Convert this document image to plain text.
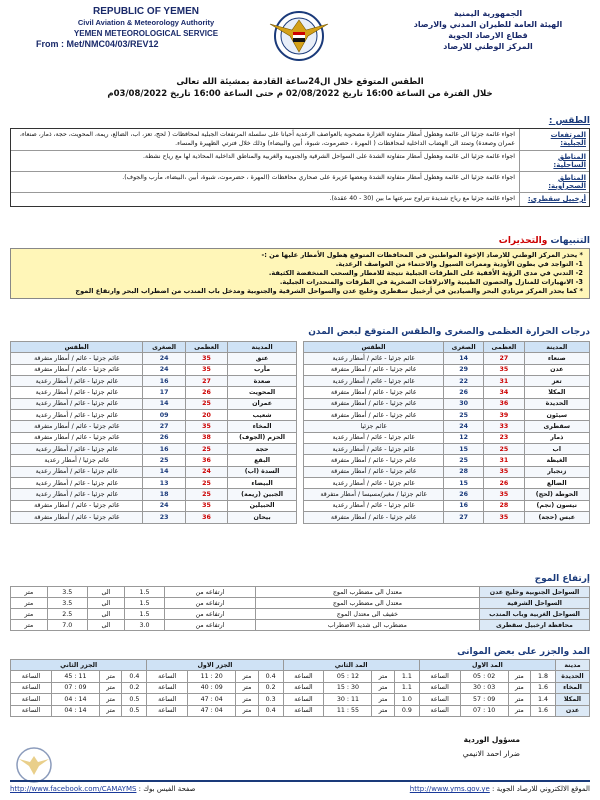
REPUBLIC OF YEMEN
Civil Aviation & Meteorology Authority
YEMEN METEOROLOGICAL SERVICE
From : Met/NMC04/03/REV12
الجمهورية اليمنية
الهيئة العامة للطيران المدني والارصاد
قطاع الارصاد الجوية
المركز الوطني للارصاد
الطقس المتوقع خلال ال24ساعة القادمة بمشيئة الله تعالى
خلال الفترة من الساعة 16:00 تاريخ 02/08/2022 م حتى الساعة 16:00 تاريخ 03/08/2022م
الطقس :
المرتفعات الجبلية:
اجواء غائمة جزئيا الى غائمة وهطول أمطار متفاوتة الغزارة مصحوبة بالعواصف الرعدية أحيانا على سلسلة المرتفعات الجبلية لمحافظات ( لحج، تعز، اب، الضالع، ريمة، المحويت، حجة، ذمار، صنعاء، عمران وصعدة) وتمتد الى الهضاب الداخلية لمحافظات ( المهرة ، حضرموت، شبوة، أبين والبيضاء) وذلك خلال فترتي الظهيرة والمساء.
المناطق الساحلية:
اجواء غائمة جزئيا الى غائمة وهطول أمطار متفاوتة الشدة على السواحل الشرقية والجنوبية والغربية والمناطق الداخلية المحاذية لها مع رياح نشطة.
المناطق الصحراوية:
اجواء غائمة جزئيا الى غائمة وهطول أمطار متفاوتة الشدة وبعضها غزيرة على صحاري محافظات (المهرة ، حضرموت، شبوة، أبين ،البيضاء، مأرب والجوف).
أرخبيل سقطرى:
اجواء غائمة جزئيا مع رياح شديدة تتراوح سرعتها ما بين (30 - 40 عقدة).
التنبيهات والتحذيرات
* يحذر المركز الوطني للارصاد الإخوة المواطنين في المحافظات المتوقع هطول الأمطار عليها من :-
1- التواجد في بطون الأودية وممرات السيول والاحتماء من العواصف الرعدية.
2- التدني في مدى الرؤية الأفقية على الطرقات الجبلية نتيجة للامطار والسحب المنخفضة الكثيفة.
3- الانهيارات للمنازل والحصون الطينية والانزلاقات الصخرية في الطرقات والمنحدرات الجبلية.
* كما يحذر المركز مرتادي البحر والصيادين في أرخبيل سقطرى وخليج عدن والسواحل الشرقية والجنوبية ومدخل باب المندب من اضطراب البحر وارتفاع الموج
درجات الحرارة العظمى والصغرى والطقس المتوقع لبعض المدن
المدينة	العظمى	الصغرى	الطقس
صنعاء	27	14	غائم جزئيا - غائم / أمطار رعدية
عدن	35	29	غائم جزئيا - غائم / أمطار متفرقة
تعز	31	22	غائم جزئيا - غائم / أمطار رعدية
المكلا	34	26	غائم جزئيا - غائم / أمطار متفرقة
الحديدة	36	30	غائم جزئيا - غائم / أمطار متفرقة
سيئون	39	25	غائم جزئيا - غائم / أمطار متفرقة
سقطرى	33	24	غائم جزئيا
ذمار	23	12	غائم جزئيا - غائم / أمطار رعدية
اب	25	15	غائم جزئيا - غائم / أمطار رعدية
الغيظة	31	25	غائم جزئيا - غائم / أمطار متفرقة
زنجبار	35	28	غائم جزئيا - غائم / أمطار متفرقة
الضالع	26	15	غائم جزئيا - غائم / أمطار رعدية
الحوطة (لحج)	35	26	غائم جزئيا / مغبر/مسيسا / أمطار متفرقة
نيسون (نجم)	28	16	غائم جزئيا - غائم / أمطار رعدية
عبس (حجة)	35	27	غائم جزئيا - غائم / أمطار متفرقة
المدينة	العظمى	الصغرى	الطقس
عتق	35	24	غائم جزئيا - غائم / أمطار متفرقة
مأرب	35	24	غائم جزئيا - غائم / أمطار متفرقة
صعدة	27	16	غائم جزئيا - غائم / أمطار رعدية
المحويت	26	17	غائم جزئيا - غائم / أمطار رعدية
عمران	25	14	غائم جزئيا - غائم / أمطار رعدية
شعيب	20	09	غائم جزئيا - غائم / أمطار رعدية
المخاء	35	27	غائم جزئيا - غائم / أمطار متفرقة
الحزم (الجوف)	38	26	غائم جزئيا - غائم / أمطار متفرقة
حجة	25	16	غائم جزئيا - غائم / أمطار رعدية
البقع	36	25	غائم جزئيا / أمطار رعدية
السدة (اب)	24	14	غائم جزئيا - غائم / أمطار رعدية
البيضاء	25	13	غائم جزئيا - غائم / أمطار رعدية
الجبين (ريمة)	25	18	غائم جزئيا - غائم / أمطار رعدية
الحبيلين	35	24	غائم جزئيا - غائم / أمطار متفرقة
بيحان	36	23	غائم جزئيا - غائم / أمطار متفرقة
إرتفاع الموج
السواحل الجنوبية وخليج عدن	معتدل الى مضطرب الموج	ارتفاعه من	1.5	الى	3.5	متر
السواحل الشرقية	معتدل الى مضطرب الموج	ارتفاعه من	1.5	الى	3.5	متر
السواحل الغربية وباب المندب	خفيف الى معتدل الموج	ارتفاعه من	1.5	الى	2.5	متر
محافظة ارخبيل سقطرى	مضطرب الى شديد الاضطراب	ارتفاعه من	3.0	الى	7.0	متر
المد والجزر على بعض الموانى
مدينة	المد الاول				المد الثاني				الجزر الاول				الجزر الثاني			
الحديدة	1.8	متر	02 : 05	الساعة	1.1	متر	12 : 05	الساعة	0.4	متر	20 : 11	الساعة	0.4	متر	11 : 45	الساعة
المخاء	1.6	متر	03 : 30	الساعة	1.1	متر	30 : 15	الساعة	0.2	متر	09 : 40	الساعة	0.2	متر	09 : 07	الساعة
المكلا	1.4	متر	09 : 57	الساعة	1.0	متر	11 : 30	الساعة	0.3	متر	04 : 47	الساعة	0.5	متر	14 : 04	الساعة
عدن	1.6	متر	10 : 07	الساعة	0.9	متر	55 : 11	الساعة	0.4	متر	04 : 47	الساعة	0.5	متر	14 : 04	الساعة
مسؤول الوردية
ضرار احمد الانيمي
الموقع الالكتروني للارصاد الجوية : http://www.yms.gov.ye
صفحة الفيس بوك : http://www.facebook.com/CAMAYMS
